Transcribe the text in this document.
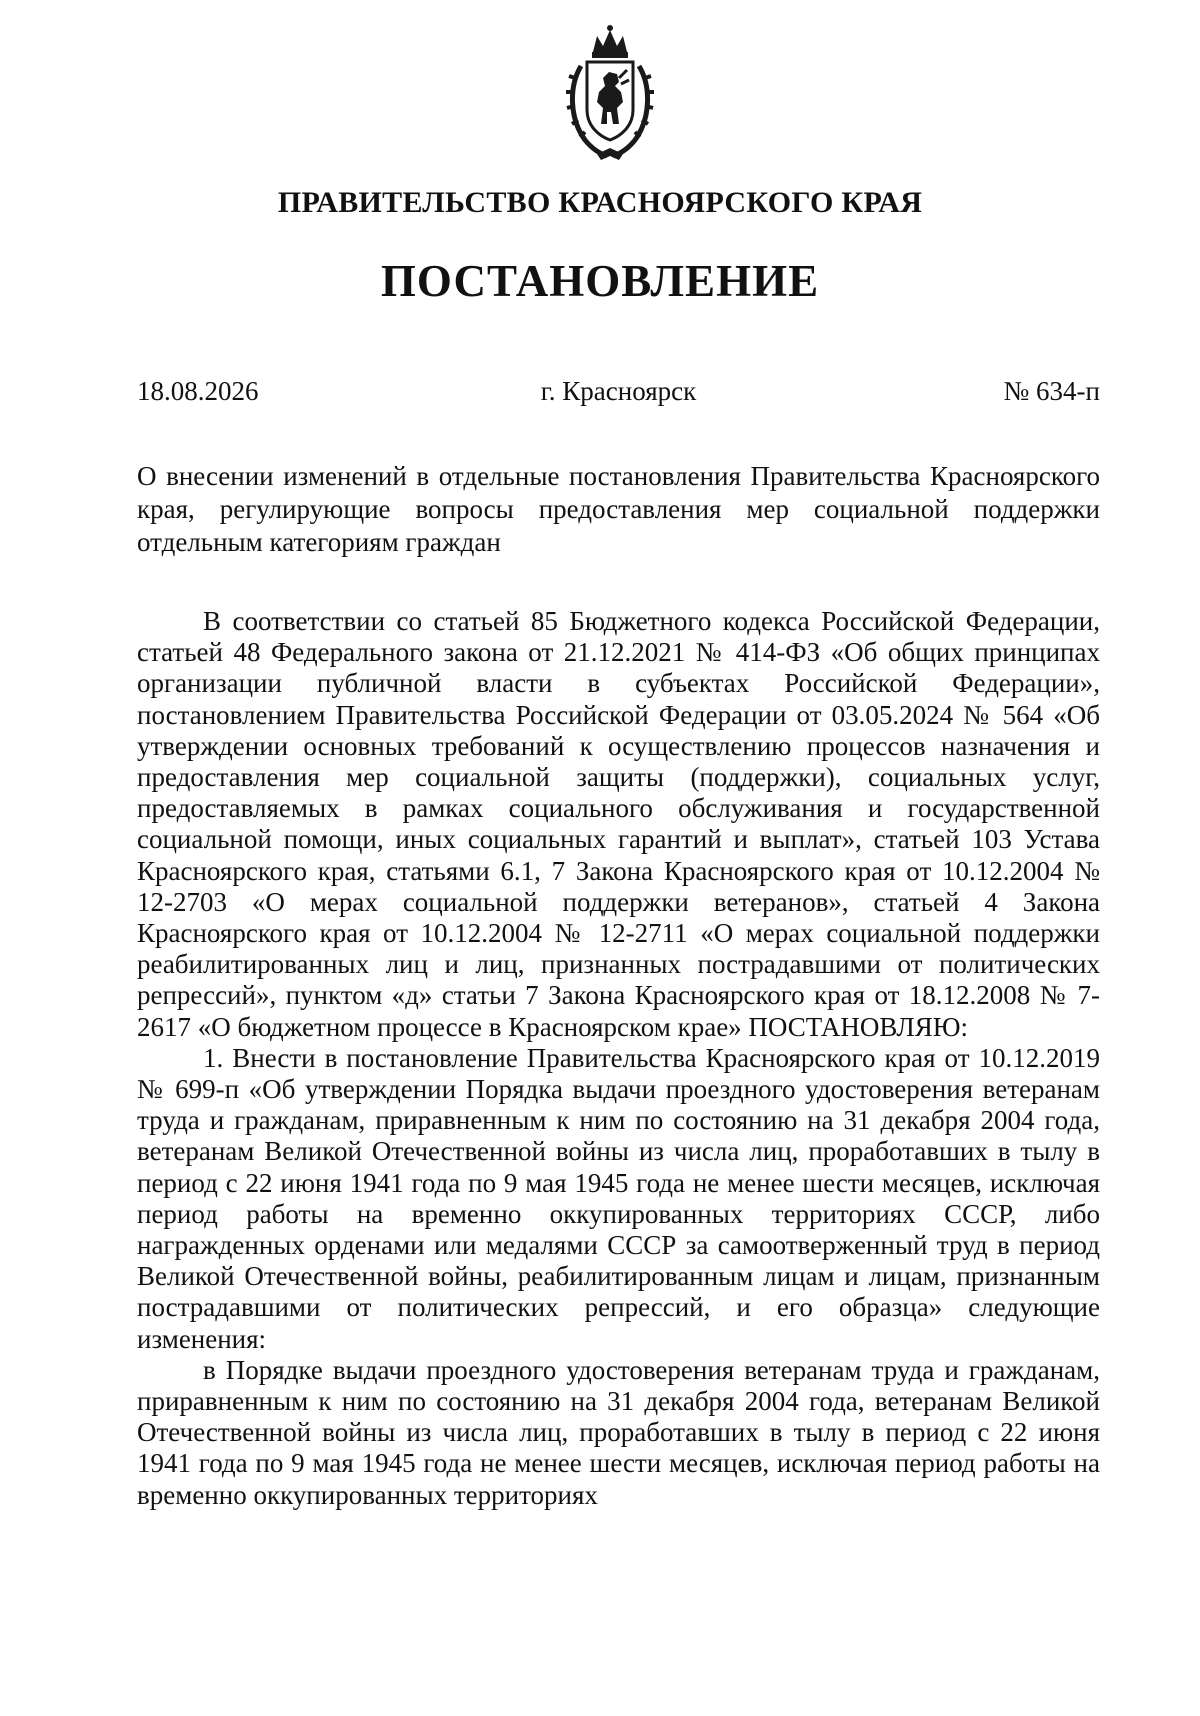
ПРАВИТЕЛЬСТВО КРАСНОЯРСКОГО КРАЯ
ПОСТАНОВЛЕНИЕ
г. Красноярск
18.08.2026	№ 634-п
О внесении изменений в отдельные постановления Правительства Красноярского края, регулирующие вопросы предоставления мер социальной поддержки отдельным категориям граждан

В соответствии со статьей 85 Бюджетного кодекса Российской Федерации, статьей 48 Федерального закона от 21.12.2021 № 414-ФЗ «Об общих принципах организации публичной власти в субъектах Российской Федерации», постановлением Правительства Российской Федерации от 03.05.2024 № 564 «Об утверждении основных требований к осуществлению процессов назначения и предоставления мер социальной защиты (поддержки), социальных услуг, предоставляемых в рамках социального обслуживания и государственной социальной помощи, иных социальных гарантий и выплат», статьей 103 Устава Красноярского края, статьями 6.1, 7 Закона Красноярского края от 10.12.2004 № 12-2703 «О мерах социальной поддержки ветеранов», статьей 4 Закона Красноярского края от 10.12.2004 № 12-2711 «О мерах социальной поддержки реабилитированных лиц и лиц, признанных пострадавшими от политических репрессий», пунктом «д» статьи 7 Закона Красноярского края от 18.12.2008 № 7-2617 «О бюджетном процессе в Красноярском крае» ПОСТАНОВЛЯЮ:

1. Внести в постановление Правительства Красноярского края от 10.12.2019 № 699-п «Об утверждении Порядка выдачи проездного удостоверения ветеранам труда и гражданам, приравненным к ним по состоянию на 31 декабря 2004 года, ветеранам Великой Отечественной войны из числа лиц, проработавших в тылу в период с 22 июня 1941 года по 9 мая 1945 года не менее шести месяцев, исключая период работы на временно оккупированных территориях СССР, либо награжденных орденами или медалями СССР за самоотверженный труд в период Великой Отечественной войны, реабилитированным лицам и лицам, признанным пострадавшими от политических репрессий, и его образца» следующие изменения:

в Порядке выдачи проездного удостоверения ветеранам труда и гражданам, приравненным к ним по состоянию на 31 декабря 2004 года, ветеранам Великой Отечественной войны из числа лиц, проработавших в тылу в период с 22 июня 1941 года по 9 мая 1945 года не менее шести месяцев, исключая период работы на временно оккупированных территориях
